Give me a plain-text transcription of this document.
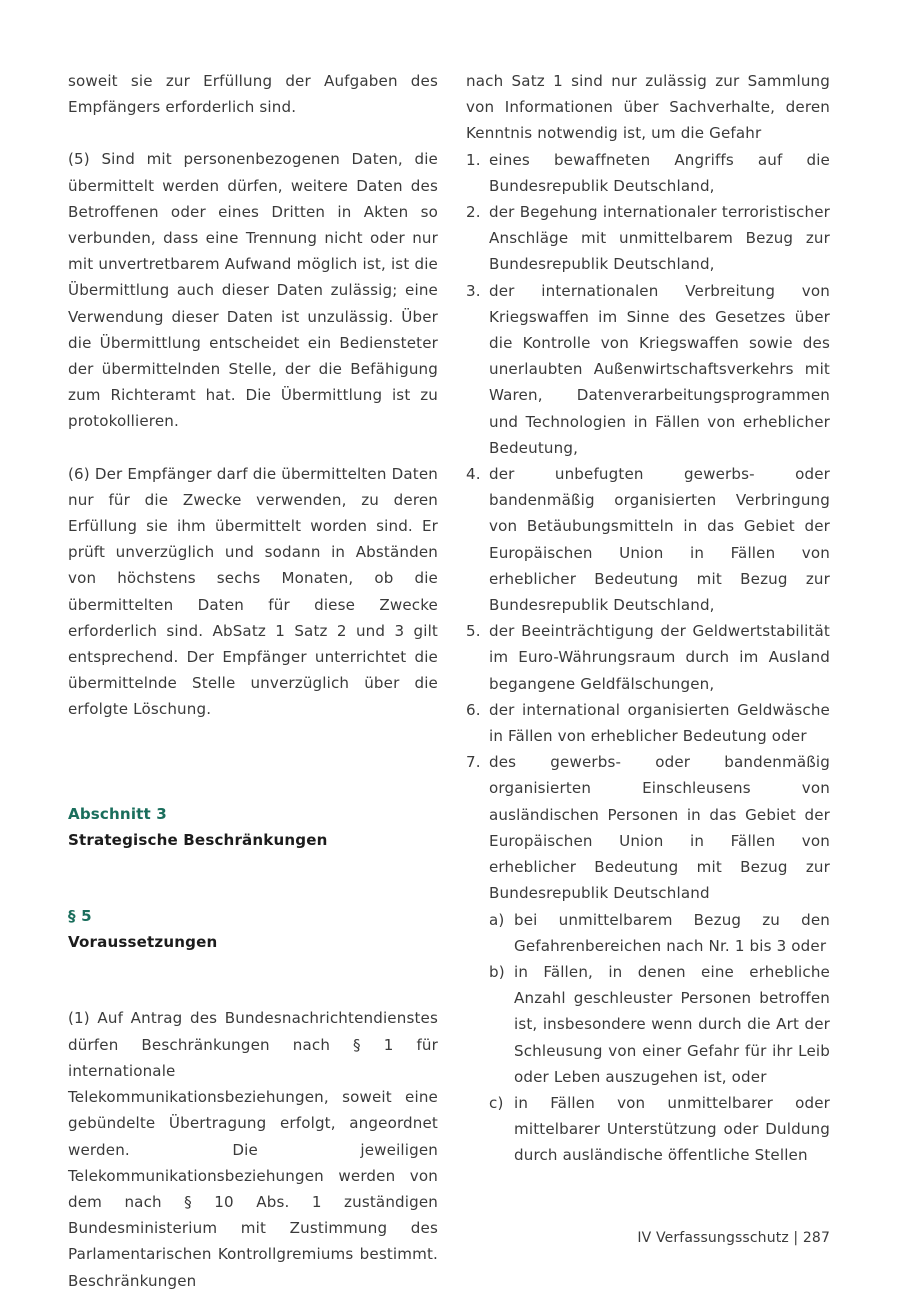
soweit sie zur Erfüllung der Aufgaben des Empfängers erforderlich sind.

(5) Sind mit personenbezogenen Daten, die übermittelt werden dürfen, weitere Daten des Betroffenen oder eines Dritten in Akten so verbunden, dass eine Trennung nicht oder nur mit unvertretbarem Aufwand möglich ist, ist die Übermittlung auch dieser Daten zulässig; eine Verwendung dieser Daten ist unzulässig. Über die Übermittlung entscheidet ein Bediensteter der übermittelnden Stelle, der die Befähigung zum Richteramt hat. Die Übermittlung ist zu protokollieren.

(6) Der Empfänger darf die übermittelten Daten nur für die Zwecke verwenden, zu deren Erfüllung sie ihm übermittelt worden sind. Er prüft unverzüglich und sodann in Abständen von höchstens sechs Monaten, ob die übermittelten Daten für diese Zwecke erforderlich sind. AbSatz 1 Satz 2 und 3 gilt entsprechend. Der Empfänger unterrichtet die übermittelnde Stelle unverzüglich über die erfolgte Löschung.

Abschnitt 3
Strategische Beschränkungen
§ 5
Voraussetzungen

(1) Auf Antrag des Bundesnachrichtendienstes dürfen Beschränkungen nach § 1 für internationale Telekommunikationsbeziehungen, soweit eine gebündelte Übertragung erfolgt, angeordnet werden. Die jeweiligen Telekommunikationsbeziehungen werden von dem nach § 10 Abs. 1 zuständigen Bundesministerium mit Zustimmung des Parlamentarischen Kontrollgremiums bestimmt. Beschränkungen

nach Satz 1 sind nur zulässig zur Sammlung von Informationen über Sachverhalte, deren Kenntnis notwendig ist, um die Gefahr

1. eines bewaffneten Angriffs auf die Bundesrepublik Deutschland,
2. der Begehung internationaler terroristischer Anschläge mit unmittelbarem Bezug zur Bundesrepublik Deutschland,
3. der internationalen Verbreitung von Kriegswaffen im Sinne des Gesetzes über die Kontrolle von Kriegswaffen sowie des unerlaubten Außenwirtschaftsverkehrs mit Waren, Datenverarbeitungsprogrammen und Technologien in Fällen von erheblicher Bedeutung,
4. der unbefugten gewerbs- oder bandenmäßig organisierten Verbringung von Betäubungsmitteln in das Gebiet der Europäischen Union in Fällen von erheblicher Bedeutung mit Bezug zur Bundesrepublik Deutschland,
5. der Beeinträchtigung der Geldwertstabilität im Euro-Währungsraum durch im Ausland begangene Geldfälschungen,
6. der international organisierten Geldwäsche in Fällen von erheblicher Bedeutung oder
7. des gewerbs- oder bandenmäßig organisierten Einschleusens von ausländischen Personen in das Gebiet der Europäischen Union in Fällen von erheblicher Bedeutung mit Bezug zur Bundesrepublik Deutschland
a) bei unmittelbarem Bezug zu den Gefahrenbereichen nach Nr. 1 bis 3 oder
b) in Fällen, in denen eine erhebliche Anzahl geschleuster Personen betroffen ist, insbesondere wenn durch die Art der Schleusung von einer Gefahr für ihr Leib oder Leben auszugehen ist, oder
c) in Fällen von unmittelbarer oder mittelbarer Unterstützung oder Duldung durch ausländische öffentliche Stellen
IV Verfassungsschutz | 287
